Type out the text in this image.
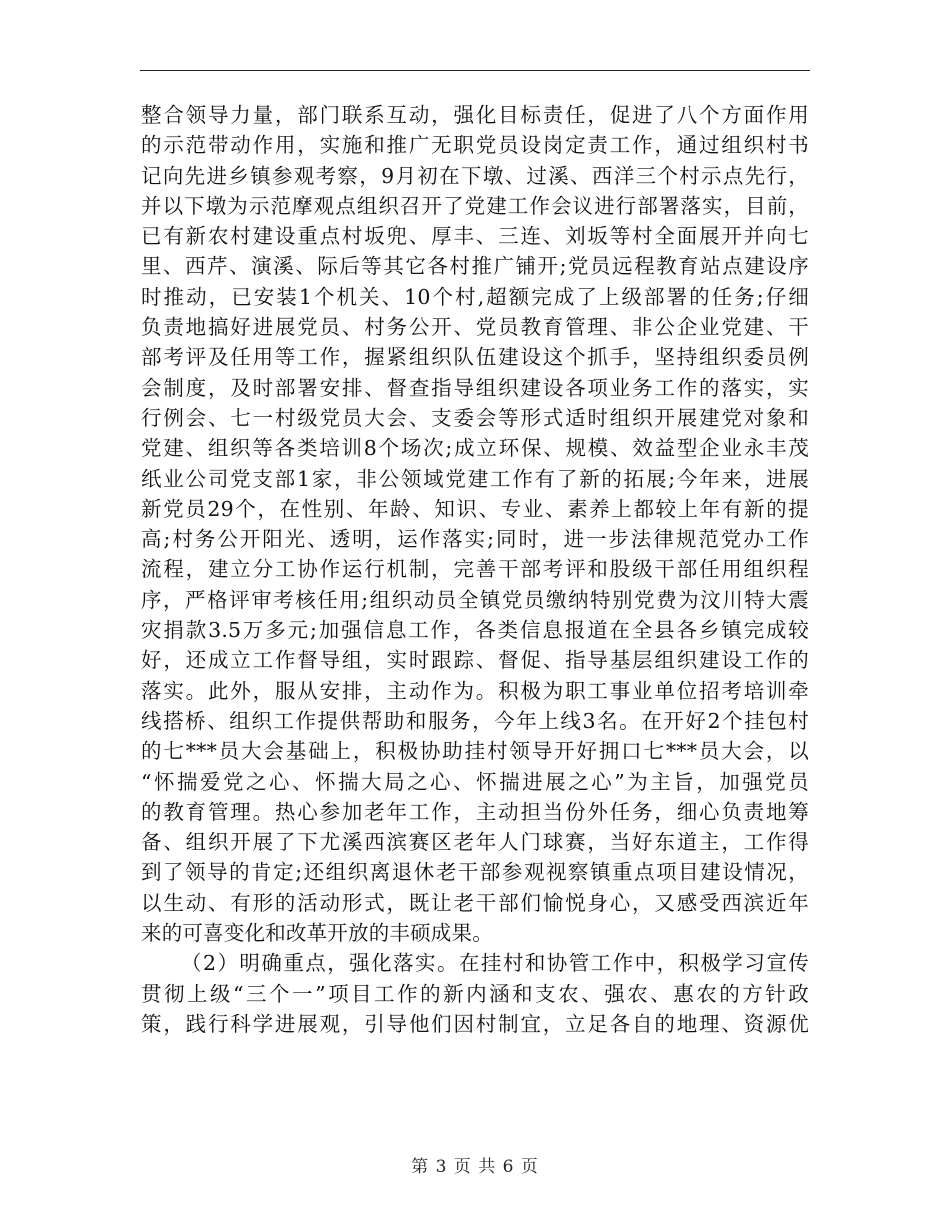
整合领导力量，部门联系互动，强化目标责任，促进了八个方面作用
的示范带动作用，实施和推广无职党员设岗定责工作，通过组织村书
记向先进乡镇参观考察，9月初在下墩、过溪、西洋三个村示点先行，
并以下墩为示范摩观点组织召开了党建工作会议进行部署落实，目前，
已有新农村建设重点村坂兜、厚丰、三连、刘坂等村全面展开并向七
里、西芹、演溪、际后等其它各村推广铺开;党员远程教育站点建设序
时推动，已安装1个机关、10个村,超额完成了上级部署的任务;仔细
负责地搞好进展党员、村务公开、党员教育管理、非公企业党建、干
部考评及任用等工作，握紧组织队伍建设这个抓手，坚持组织委员例
会制度，及时部署安排、督查指导组织建设各项业务工作的落实，实
行例会、七一村级党员大会、支委会等形式适时组织开展建党对象和
党建、组织等各类培训8个场次;成立环保、规模、效益型企业永丰茂
纸业公司党支部1家，非公领域党建工作有了新的拓展;今年来，进展
新党员29个，在性别、年龄、知识、专业、素养上都较上年有新的提
高;村务公开阳光、透明，运作落实;同时，进一步法律规范党办工作
流程，建立分工协作运行机制，完善干部考评和股级干部任用组织程
序，严格评审考核任用;组织动员全镇党员缴纳特别党费为汶川特大震
灾捐款3.5万多元;加强信息工作，各类信息报道在全县各乡镇完成较
好，还成立工作督导组，实时跟踪、督促、指导基层组织建设工作的
落实。此外，服从安排，主动作为。积极为职工事业单位招考培训牵
线搭桥、组织工作提供帮助和服务，今年上线3名。在开好2个挂包村
的七***员大会基础上，积极协助挂村领导开好拥口七***员大会，以
“怀揣爱党之心、怀揣大局之心、怀揣进展之心”为主旨，加强党员
的教育管理。热心参加老年工作，主动担当份外任务，细心负责地筹
备、组织开展了下尤溪西滨赛区老年人门球赛，当好东道主，工作得
到了领导的肯定;还组织离退休老干部参观视察镇重点项目建设情况，
以生动、有形的活动形式，既让老干部们愉悦身心，又感受西滨近年
来的可喜变化和改革开放的丰硕成果。
（2）明确重点，强化落实。在挂村和协管工作中，积极学习宣传
贯彻上级“三个一”项目工作的新内涵和支农、强农、惠农的方针政
策，践行科学进展观，引导他们因村制宜，立足各自的地理、资源优
第 3 页 共 6 页
